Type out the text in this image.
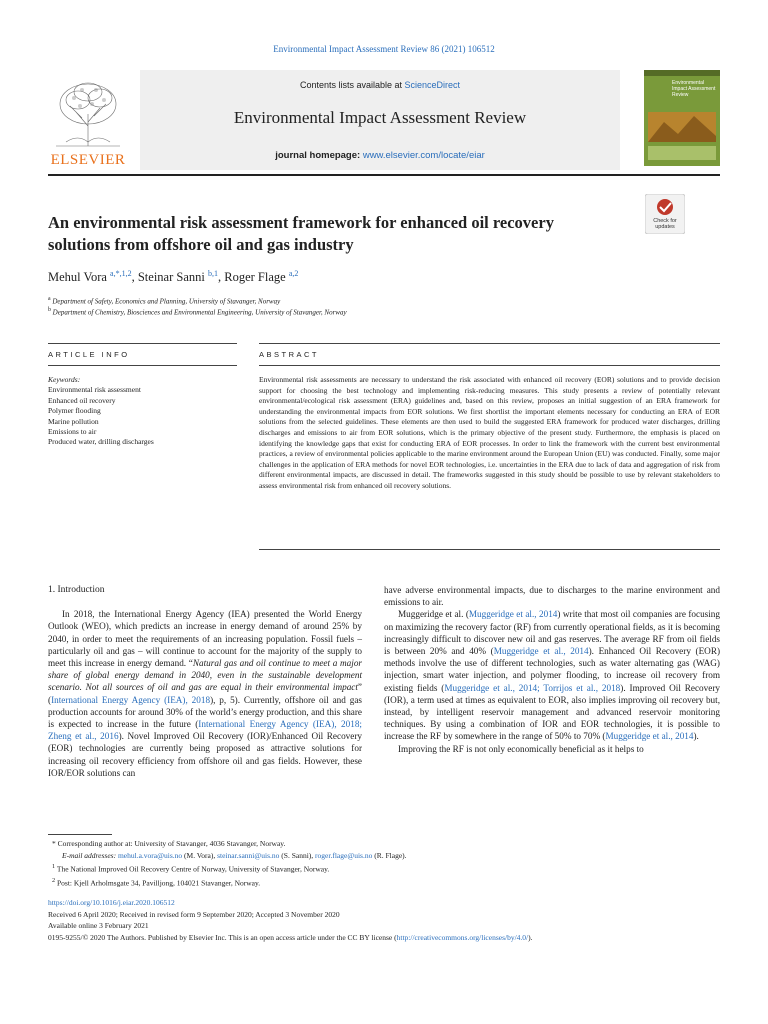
Environmental Impact Assessment Review 86 (2021) 106512
ELSEVIER
Contents lists available at ScienceDirect
Environmental Impact Assessment Review
journal homepage: www.elsevier.com/locate/eiar
Environmental Impact Assessment Review
An environmental risk assessment framework for enhanced oil recovery
solutions from offshore oil and gas industry
Check for updates
Mehul Vora $^{a,*,1,2}$, Steinar Sanni $^{b,1}$, Roger Flage $^{a,2}$
$^a$ Department of Safety, Economics and Planning, University of Stavanger, Norway
$^b$ Department of Chemistry, Biosciences and Environmental Engineering, University of Stavanger, Norway
ARTICLE INFO	ABSTRACT
Keywords:
Environmental risk assessment
Enhanced oil recovery
Polymer flooding
Marine pollution
Emissions to air
Produced water, drilling discharges
Environmental risk assessments are necessary to understand the risk associated with enhanced oil recovery (EOR) solutions and to provide decision support for choosing the best technology and implementing risk-reducing measures. This study presents a review of potentially relevant environmental/ecological risk assessment (ERA) guidelines and, based on this review, proposes an initial suggestion of an ERA framework for understanding the environmental impacts from EOR solutions. We first shortlist the important elements necessary for conducting an ERA of EOR solutions from the selected guidelines. These elements are then used to build the suggested ERA framework for produced water discharges, drilling discharges and emissions to air from EOR solutions, which is the primary objective of the present study. Furthermore, the emphasis is placed on identifying the knowledge gaps that exist for conducting ERA of EOR processes. In order to link the framework with the current best environmental practices, a review of environmental policies applicable to the marine environment around the European Union (EU) was conducted. Finally, some major challenges in the application of ERA methods for novel EOR technologies, i.e. uncertainties in the ERA due to lack of data and aggregation of risk from different environmental impacts, are discussed in detail. The frameworks suggested in this study should be possible to use by relevant stakeholders to assess environmental risk from enhanced oil recovery solutions.
1. Introduction

In 2018, the International Energy Agency (IEA) presented the World Energy Outlook (WEO), which predicts an increase in energy demand of around 25% by 2040, in order to meet the requirements of an increasing population. Fossil fuels – particularly oil and gas – will continue to account for the majority of the supply to meet this increase in energy demand. “Natural gas and oil continue to meet a major share of global energy demand in 2040, even in the sustainable development scenario. Not all sources of oil and gas are equal in their environmental impact” (International Energy Agency (IEA), 2018), p, 5). Currently, offshore oil and gas production accounts for around 30% of the world’s energy production, and this share is expected to increase in the future (International Energy Agency (IEA), 2018; Zheng et al., 2016). Novel Improved Oil Recovery (IOR)/Enhanced Oil Recovery (EOR) technologies are currently being proposed as attractive solutions for increasing oil recovery efficiency from offshore oil and gas fields. However, these IOR/EOR solutions can

have adverse environmental impacts, due to discharges to the marine environment and emissions to air.

Muggeridge et al. (Muggeridge et al., 2014) write that most oil companies are focusing on maximizing the recovery factor (RF) from currently operational fields, as it is becoming increasingly difficult to discover new oil and gas reserves. The average RF from oil fields is between 20% and 40% (Muggeridge et al., 2014). Enhanced Oil Recovery (EOR) methods involve the use of different technologies, such as water alternating gas (WAG) injection, smart water injection, and polymer flooding, to increase oil recovery from existing fields (Muggeridge et al., 2014; Torrijos et al., 2018). Improved Oil Recovery (IOR), a term used at times as equivalent to EOR, also implies improving oil recovery but, instead, by intelligent reservoir management and advanced reservoir monitoring techniques. By using a combination of IOR and EOR technologies, it is possible to increase the RF by somewhere in the range of 50% to 70% (Muggeridge et al., 2014).

Improving the RF is not only economically beneficial as it helps to

* Corresponding author at: University of Stavanger, 4036 Stavanger, Norway.
E-mail addresses: mehul.a.vora@uis.no (M. Vora), steinar.sanni@uis.no (S. Sanni), roger.flage@uis.no (R. Flage).
$^1$ The National Improved Oil Recovery Centre of Norway, University of Stavanger, Norway.
$^2$ Post: Kjell Arholmsgate 34, Pavilljong, 104021 Stavanger, Norway.
https://doi.org/10.1016/j.eiar.2020.106512
Received 6 April 2020; Received in revised form 9 September 2020; Accepted 3 November 2020
Available online 3 February 2021
0195-9255/© 2020 The Authors. Published by Elsevier Inc. This is an open access article under the CC BY license (http://creativecommons.org/licenses/by/4.0/).
